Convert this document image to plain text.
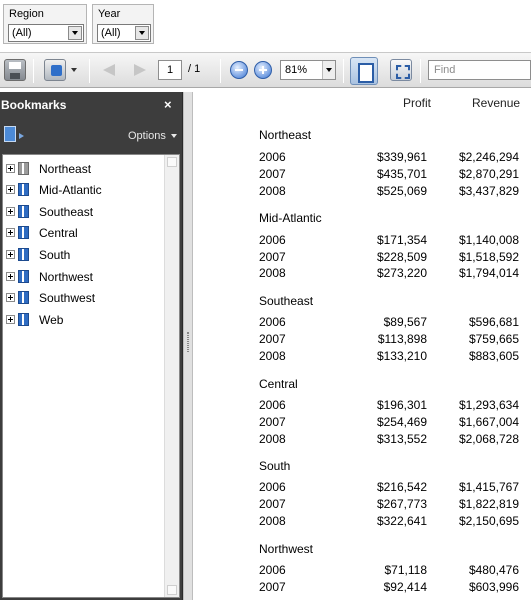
Region
(All)
Year
(All)
1	/ 1	81%	Find
Bookmarks	×
Options
Northeast
Mid-Atlantic
Southeast
Central
South
Northwest
Southwest
Web
Profit	Revenue
Northeast
2006	$339,961	$2,246,294
2007	$435,701	$2,870,291
2008	$525,069	$3,437,829
Mid-Atlantic
2006	$171,354	$1,140,008
2007	$228,509	$1,518,592
2008	$273,220	$1,794,014
Southeast
2006	$89,567	$596,681
2007	$113,898	$759,665
2008	$133,210	$883,605
Central
2006	$196,301	$1,293,634
2007	$254,469	$1,667,004
2008	$313,552	$2,068,728
South
2006	$216,542	$1,415,767
2007	$267,773	$1,822,819
2008	$322,641	$2,150,695
Northwest
2006	$71,118	$480,476
2007	$92,414	$603,996
